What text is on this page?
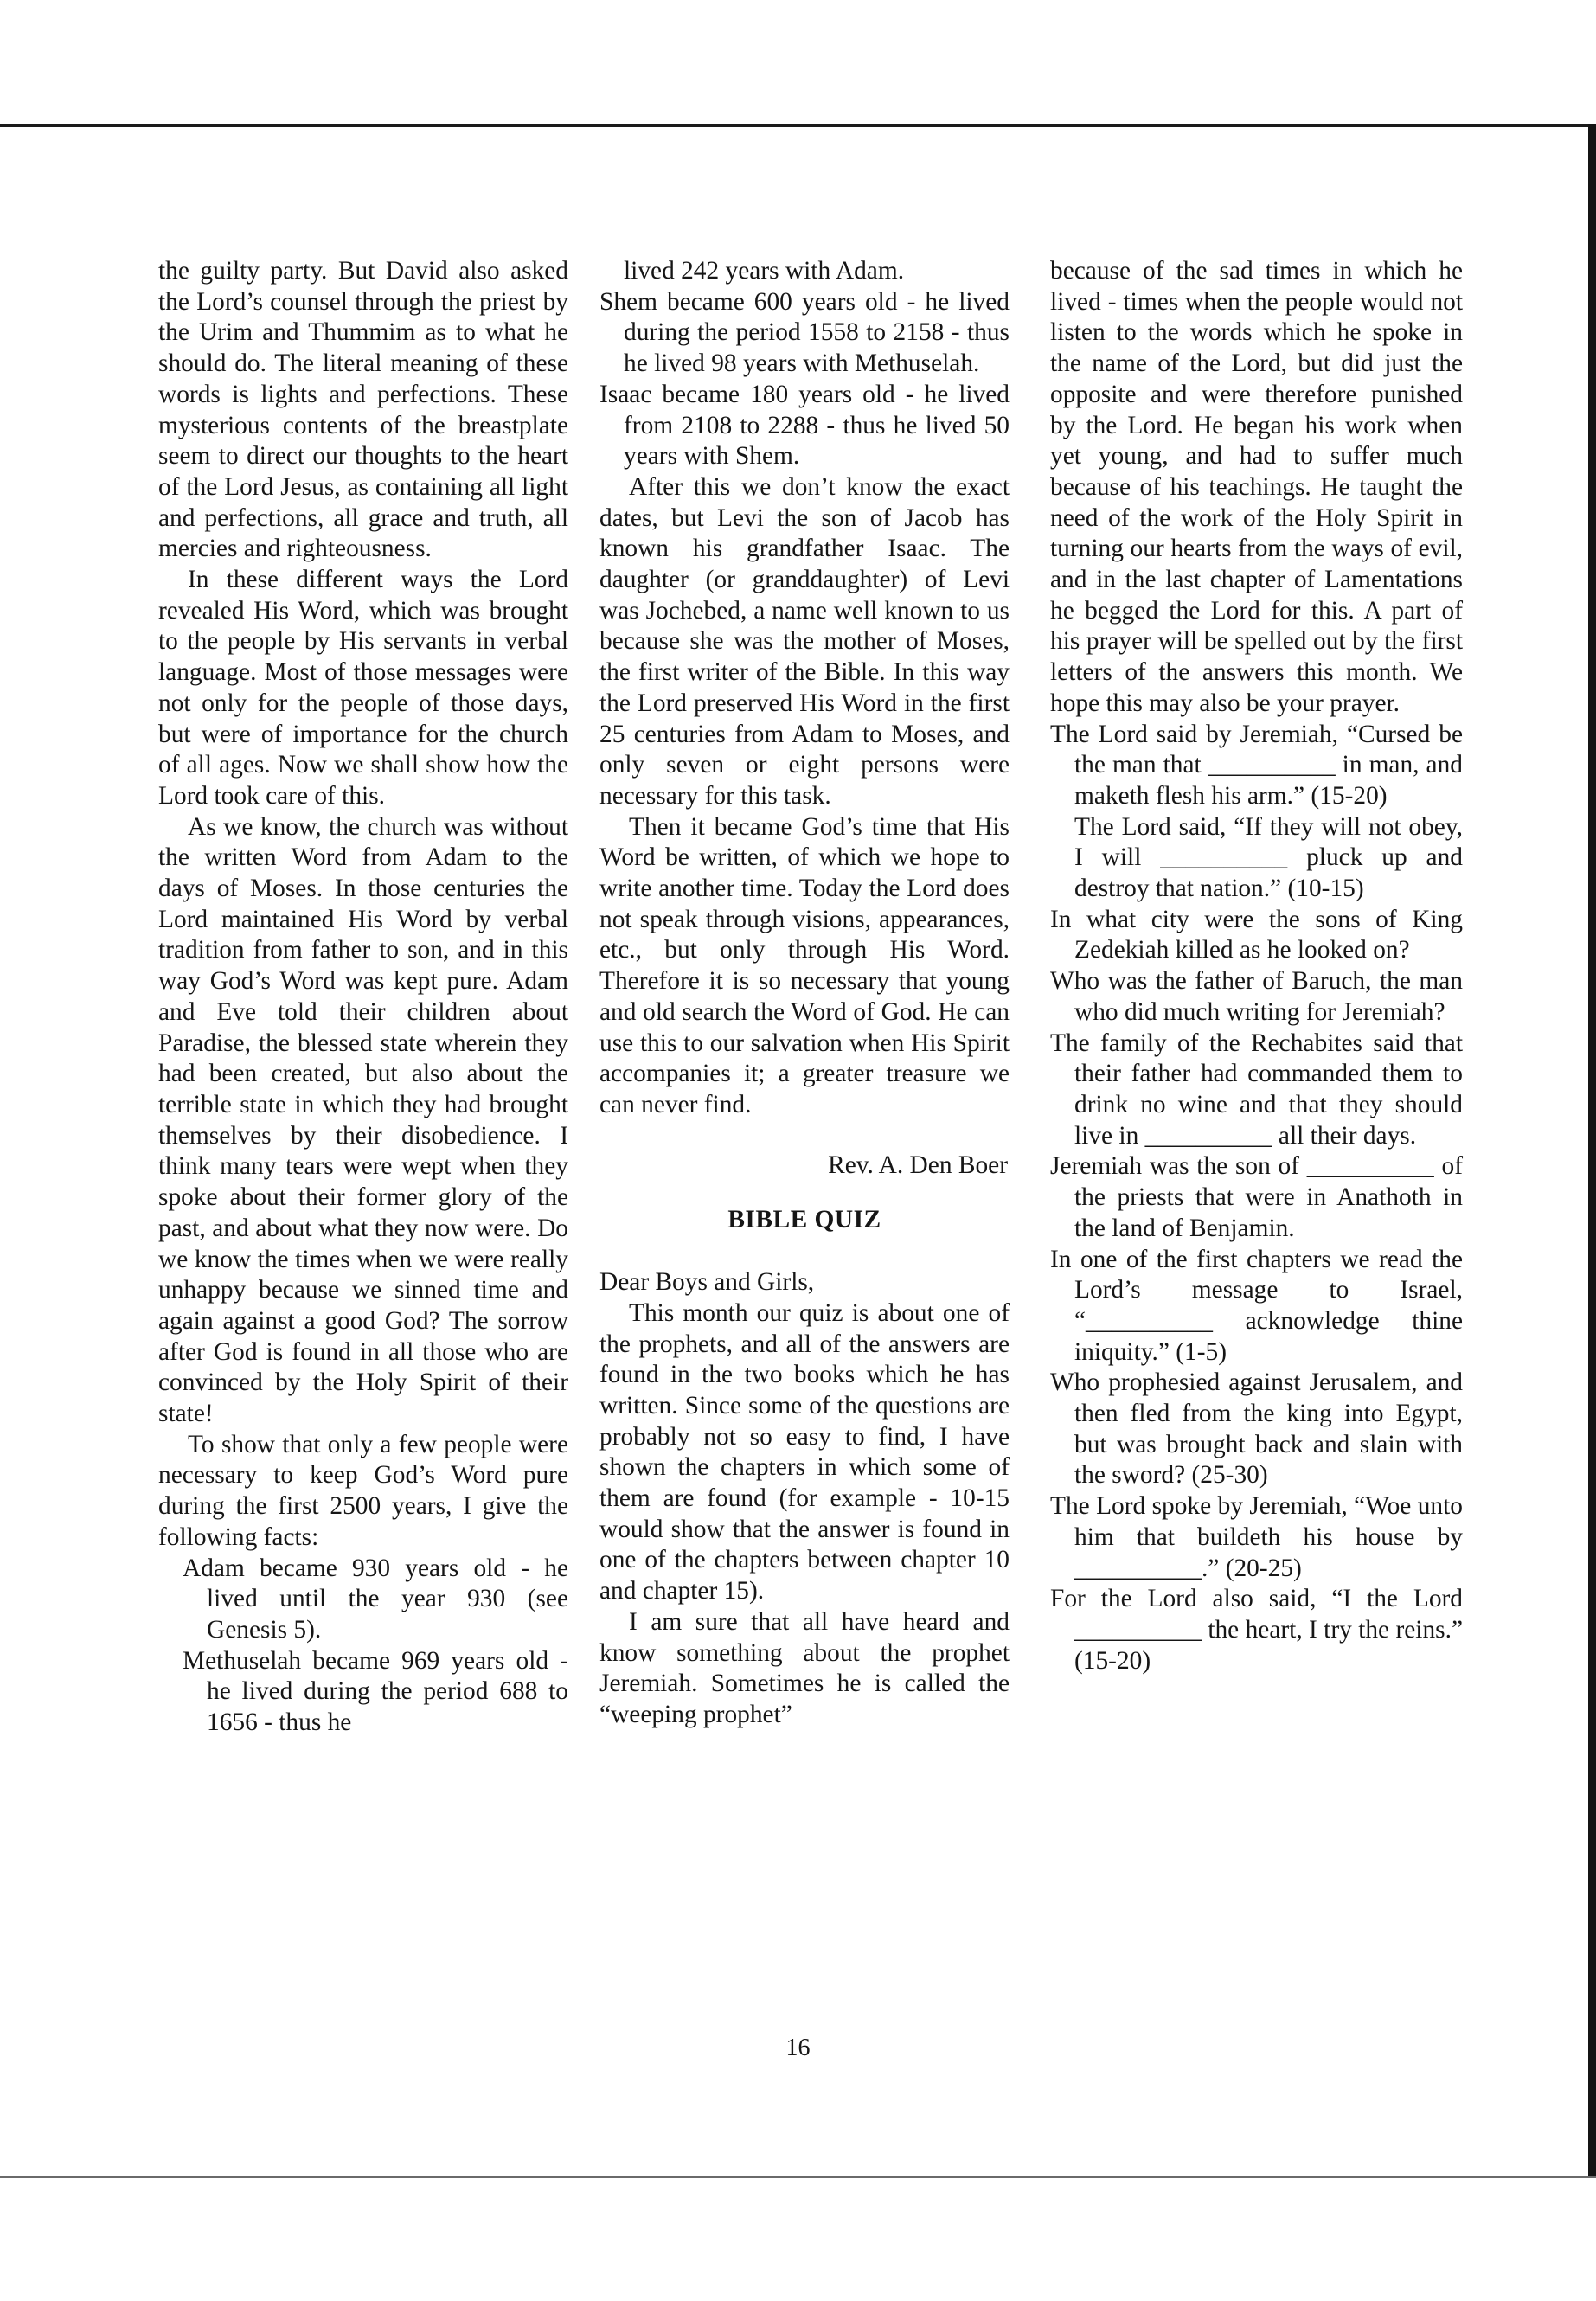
the guilty party. But David also asked the Lord’s counsel through the priest by the Urim and Thummim as to what he should do. The literal meaning of these words is lights and perfections. These mysterious contents of the breastplate seem to direct our thoughts to the heart of the Lord Jesus, as containing all light and perfections, all grace and truth, all mercies and righteousness.

In these different ways the Lord revealed His Word, which was brought to the people by His servants in verbal language. Most of those messages were not only for the people of those days, but were of importance for the church of all ages. Now we shall show how the Lord took care of this.

As we know, the church was without the written Word from Adam to the days of Moses. In those centuries the Lord maintained His Word by verbal tradition from father to son, and in this way God’s Word was kept pure. Adam and Eve told their children about Paradise, the blessed state wherein they had been created, but also about the terrible state in which they had brought themselves by their disobedience. I think many tears were wept when they spoke about their former glory of the past, and about what they now were. Do we know the times when we were really unhappy because we sinned time and again against a good God? The sorrow after God is found in all those who are convinced by the Holy Spirit of their state!

To show that only a few people were necessary to keep God’s Word pure during the first 2500 years, I give the following facts:

Adam became 930 years old - he lived until the year 930 (see Genesis 5).

Methuselah became 969 years old - he lived during the period 688 to 1656 - thus he

lived 242 years with Adam.

Shem became 600 years old - he lived during the period 1558 to 2158 - thus he lived 98 years with Methuselah.

Isaac became 180 years old - he lived from 2108 to 2288 - thus he lived 50 years with Shem.

After this we don’t know the exact dates, but Levi the son of Jacob has known his grandfather Isaac. The daughter (or granddaughter) of Levi was Jochebed, a name well known to us because she was the mother of Moses, the first writer of the Bible. In this way the Lord preserved His Word in the first 25 centuries from Adam to Moses, and only seven or eight persons were necessary for this task.

Then it became God’s time that His Word be written, of which we hope to write another time. Today the Lord does not speak through visions, appearances, etc., but only through His Word. Therefore it is so necessary that young and old search the Word of God. He can use this to our salvation when His Spirit accompanies it; a greater treasure we can never find.

Rev. A. Den Boer

BIBLE QUIZ

Dear Boys and Girls,

This month our quiz is about one of the prophets, and all of the answers are found in the two books which he has written. Since some of the questions are probably not so easy to find, I have shown the chapters in which some of them are found (for example - 10-15 would show that the answer is found in one of the chapters between chapter 10 and chapter 15).

I am sure that all have heard and know something about the prophet Jeremiah. Sometimes he is called the “weeping prophet”

because of the sad times in which he lived - times when the people would not listen to the words which he spoke in the name of the Lord, but did just the opposite and were therefore punished by the Lord. He began his work when yet young, and had to suffer much because of his teachings. He taught the need of the work of the Holy Spirit in turning our hearts from the ways of evil, and in the last chapter of Lamentations he begged the Lord for this. A part of his prayer will be spelled out by the first letters of the answers this month. We hope this may also be your prayer.

The Lord said by Jeremiah, “Cursed be the man that __________ in man, and maketh flesh his arm.” (15-20)

The Lord said, “If they will not obey, I will __________ pluck up and destroy that nation.” (10-15)

In what city were the sons of King Zedekiah killed as he looked on?

Who was the father of Baruch, the man who did much writing for Jeremiah?

The family of the Rechabites said that their father had commanded them to drink no wine and that they should live in __________ all their days.

Jeremiah was the son of __________ of the priests that were in Anathoth in the land of Benjamin.

In one of the first chapters we read the Lord’s message to Israel, “__________ acknowledge thine iniquity.” (1-5)

Who prophesied against Jerusalem, and then fled from the king into Egypt, but was brought back and slain with the sword? (25-30)

The Lord spoke by Jeremiah, “Woe unto him that buildeth his house by __________.” (20-25)

For the Lord also said, “I the Lord __________ the heart, I try the reins.” (15-20)

16
